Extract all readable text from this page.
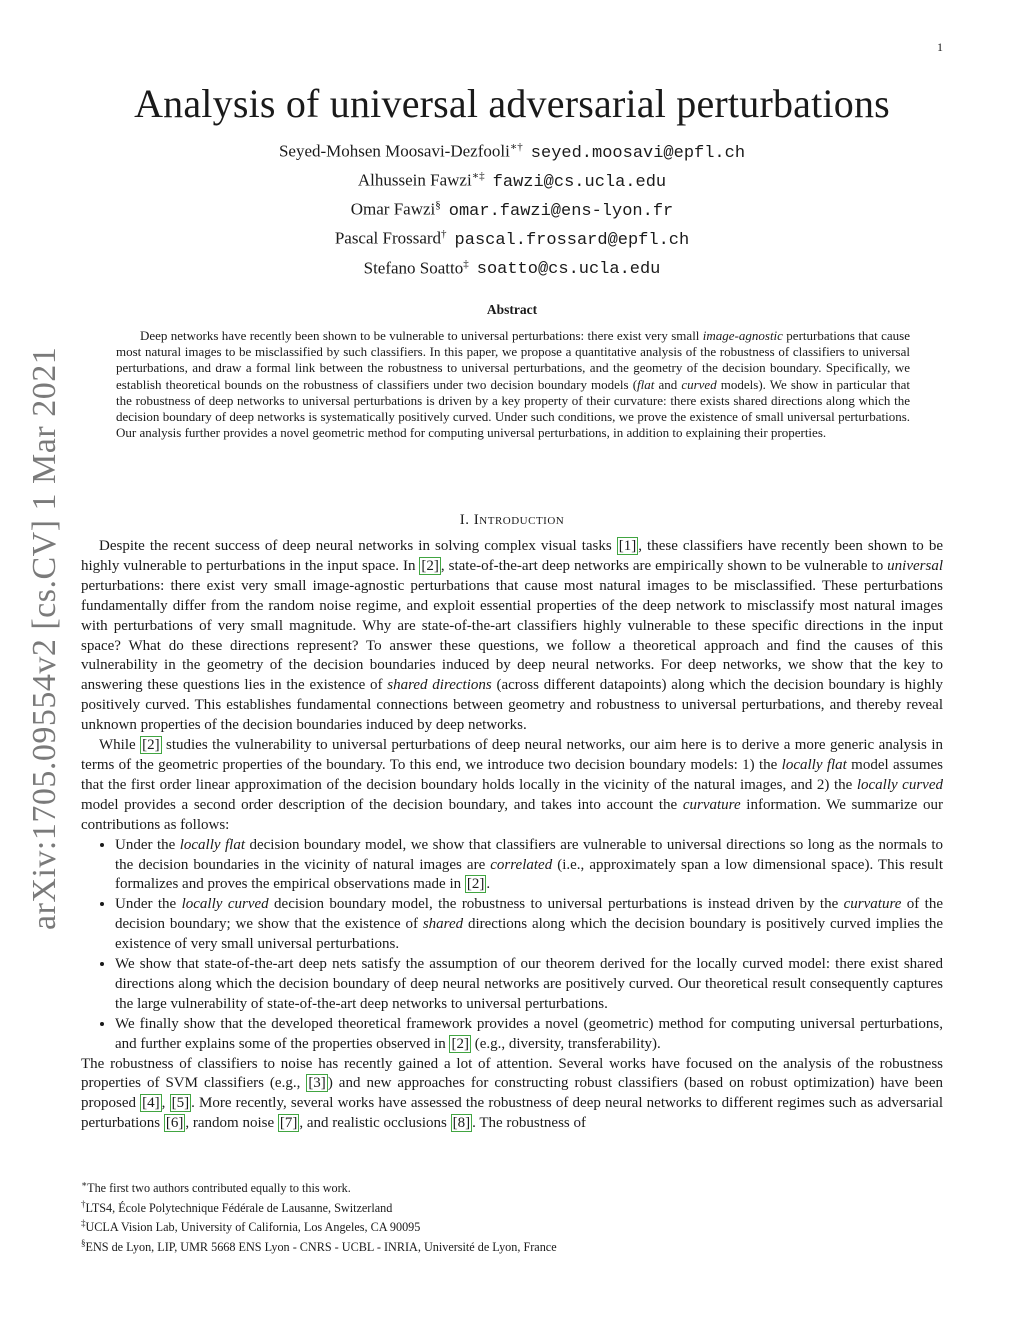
1
arXiv:1705.09554v2 [cs.CV] 1 Mar 2021
Analysis of universal adversarial perturbations
Seyed-Mohsen Moosavi-Dezfooli∗† seyed.moosavi@epfl.ch
Alhussein Fawzi∗‡ fawzi@cs.ucla.edu
Omar Fawzi§ omar.fawzi@ens-lyon.fr
Pascal Frossard† pascal.frossard@epfl.ch
Stefano Soatto‡ soatto@cs.ucla.edu
Abstract
Deep networks have recently been shown to be vulnerable to universal perturbations: there exist very small image-agnostic perturbations that cause most natural images to be misclassified by such classifiers. In this paper, we propose a quantitative analysis of the robustness of classifiers to universal perturbations, and draw a formal link between the robustness to universal perturbations, and the geometry of the decision boundary. Specifically, we establish theoretical bounds on the robustness of classifiers under two decision boundary models (flat and curved models). We show in particular that the robustness of deep networks to universal perturbations is driven by a key property of their curvature: there exists shared directions along which the decision boundary of deep networks is systematically positively curved. Under such conditions, we prove the existence of small universal perturbations. Our analysis further provides a novel geometric method for computing universal perturbations, in addition to explaining their properties.
I. Introduction

Despite the recent success of deep neural networks in solving complex visual tasks [1] , these classifiers have recently been shown to be highly vulnerable to perturbations in the input space. In [2] , state-of-the-art deep networks are empirically shown to be vulnerable to universal perturbations: there exist very small image-agnostic perturbations that cause most natural images to be misclassified. These perturbations fundamentally differ from the random noise regime, and exploit essential properties of the deep network to misclassify most natural images with perturbations of very small magnitude. Why are state-of-the-art classifiers highly vulnerable to these specific directions in the input space? What do these directions represent? To answer these questions, we follow a theoretical approach and find the causes of this vulnerability in the geometry of the decision boundaries induced by deep neural networks. For deep networks, we show that the key to answering these questions lies in the existence of shared directions (across different datapoints) along which the decision boundary is highly positively curved. This establishes fundamental connections between geometry and robustness to universal perturbations, and thereby reveal unknown properties of the decision boundaries induced by deep networks.

While [2] studies the vulnerability to universal perturbations of deep neural networks, our aim here is to derive a more generic analysis in terms of the geometric properties of the boundary. To this end, we introduce two decision boundary models: 1) the locally flat model assumes that the first order linear approximation of the decision boundary holds locally in the vicinity of the natural images, and 2) the locally curved model provides a second order description of the decision boundary, and takes into account the curvature information. We summarize our contributions as follows:

• Under the locally flat decision boundary model, we show that classifiers are vulnerable to universal directions so long as the normals to the decision boundaries in the vicinity of natural images are correlated (i.e., approximately span a low dimensional space). This result formalizes and proves the empirical observations made in [2] .
• Under the locally curved decision boundary model, the robustness to universal perturbations is instead driven by the curvature of the decision boundary; we show that the existence of shared directions along which the decision boundary is positively curved implies the existence of very small universal perturbations.
• We show that state-of-the-art deep nets satisfy the assumption of our theorem derived for the locally curved model: there exist shared directions along which the decision boundary of deep neural networks are positively curved. Our theoretical result consequently captures the large vulnerability of state-of-the-art deep networks to universal perturbations.
• We finally show that the developed theoretical framework provides a novel (geometric) method for computing universal perturbations, and further explains some of the properties observed in [2] (e.g., diversity, transferability).

The robustness of classifiers to noise has recently gained a lot of attention. Several works have focused on the analysis of the robustness properties of SVM classifiers (e.g., [3] ) and new approaches for constructing robust classifiers (based on robust optimization) have been proposed [4] , [5] . More recently, several works have assessed the robustness of deep neural networks to different regimes such as adversarial perturbations [6] , random noise [7] , and realistic occlusions [8] . The robustness of

∗The first two authors contributed equally to this work.
†LTS4, École Polytechnique Fédérale de Lausanne, Switzerland
‡UCLA Vision Lab, University of California, Los Angeles, CA 90095
§ENS de Lyon, LIP, UMR 5668 ENS Lyon - CNRS - UCBL - INRIA, Université de Lyon, France
